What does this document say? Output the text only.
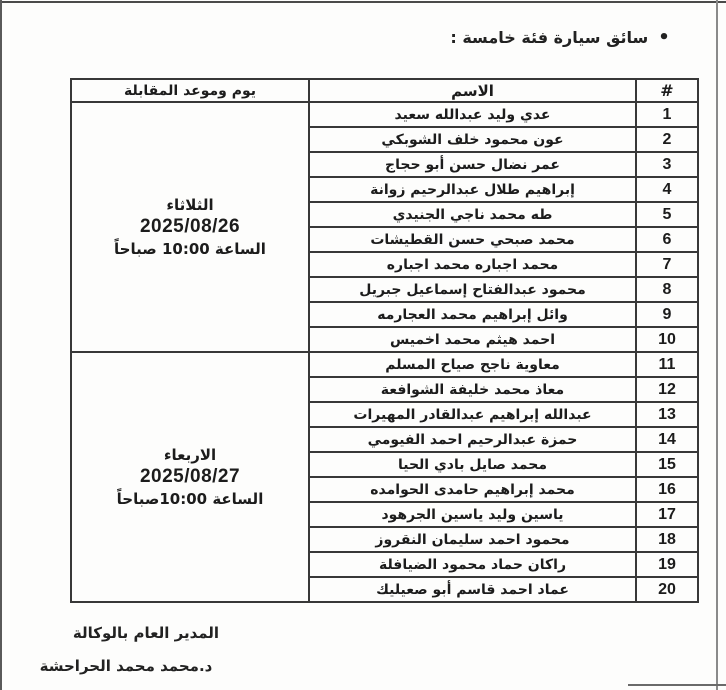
•
سائق سيارة فئة خامسة :
#	الاسم	يوم وموعد المقابلة
1	عدي وليد عبدالله سعيد	الثلاثاء
2025/08/26
الساعة 10:00 صباحاً

2	عون محمود خلف الشوبكي	
3	عمر نضال حسن أبو حجاج	
4	إبراهيم طلال عبدالرحيم زوانة	
5	طه محمد ناجي الجنيدي	
6	محمد صبحي حسن القطيشات	
7	محمد اجباره محمد اجباره	
8	محمود عبدالفتاح إسماعيل جبريل	
9	وائل إبراهيم محمد العجارمه	
10	احمد هيثم محمد اخميس	
11	معاوية ناجح صياح المسلم	الاربعاء
2025/08/27
الساعة 10:00صباحاً

12	معاذ محمد خليفة الشوافعة	
13	عبدالله إبراهيم عبدالقادر المهيرات	
14	حمزة عبدالرحيم احمد الفيومي	
15	محمد صايل بادي الحيا	
16	محمد إبراهيم حامدى الحوامده	
17	ياسين وليد ياسين الجرهود	
18	محمود احمد سليمان النقروز	
19	راكان حماد محمود الضيافلة	
20	عماد احمد قاسم أبو صعيليك	
المدير العام بالوكالة
د.محمد محمد الحراحشة
